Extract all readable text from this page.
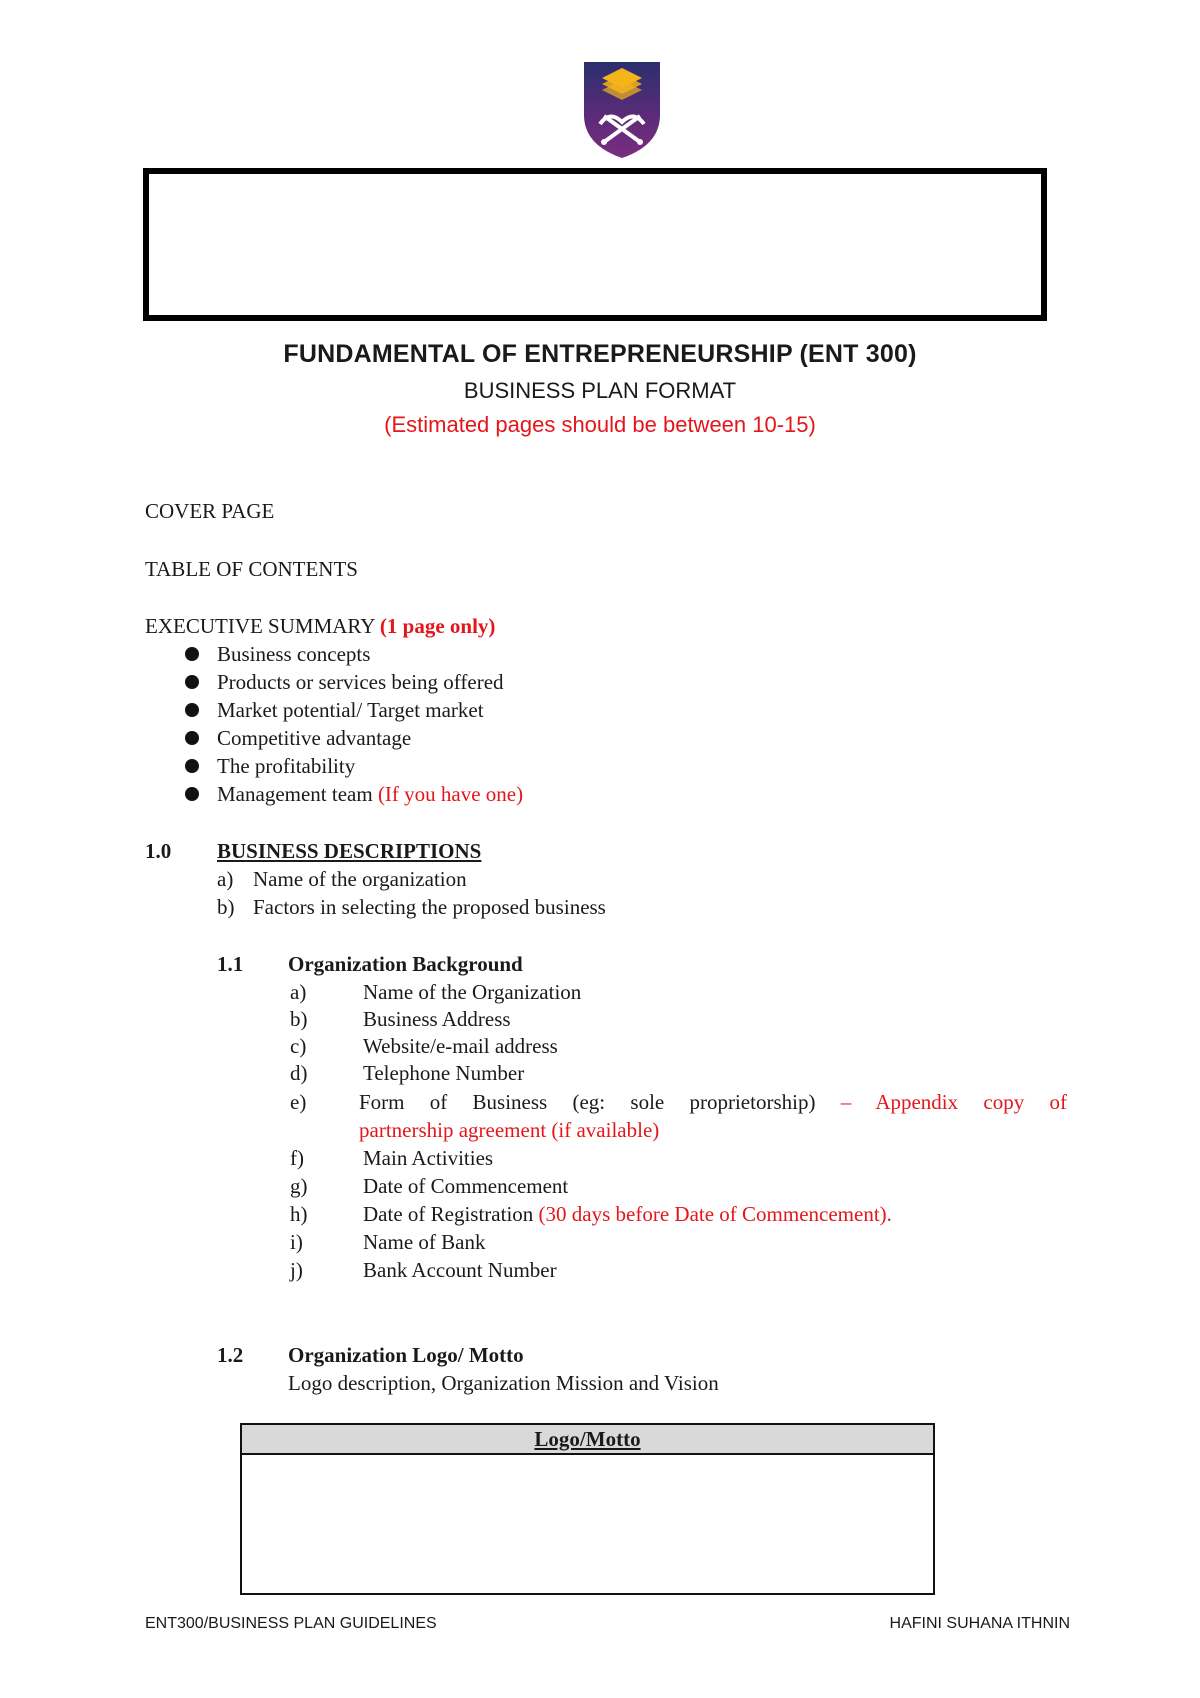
FUNDAMENTAL OF ENTREPRENEURSHIP (ENT 300)
BUSINESS PLAN FORMAT
(Estimated pages should be between 10-15)
COVER PAGE
TABLE OF CONTENTS
EXECUTIVE SUMMARY (1 page only)
Business concepts
Products or services being offered
Market potential/ Target market
Competitive advantage
The profitability
Management team (If you have one)
1.0 BUSINESS DESCRIPTIONS
a) Name of the organization
b) Factors in selecting the proposed business
1.1 Organization Background
a)	Name of the Organization
b)	Business Address
c)	Website/e-mail address
d)	Telephone Number
e)	Form of Business (eg: sole proprietorship) – Appendix copy of
partnership agreement (if available)
f)	Main Activities
g)	Date of Commencement
h)	Date of Registration (30 days before Date of Commencement).
i)	Name of Bank
j)	Bank Account Number
1.2 Organization Logo/ Motto
Logo description, Organization Mission and Vision
Logo/Motto
ENT300/BUSINESS PLAN GUIDELINES	HAFINI SUHANA ITHNIN
